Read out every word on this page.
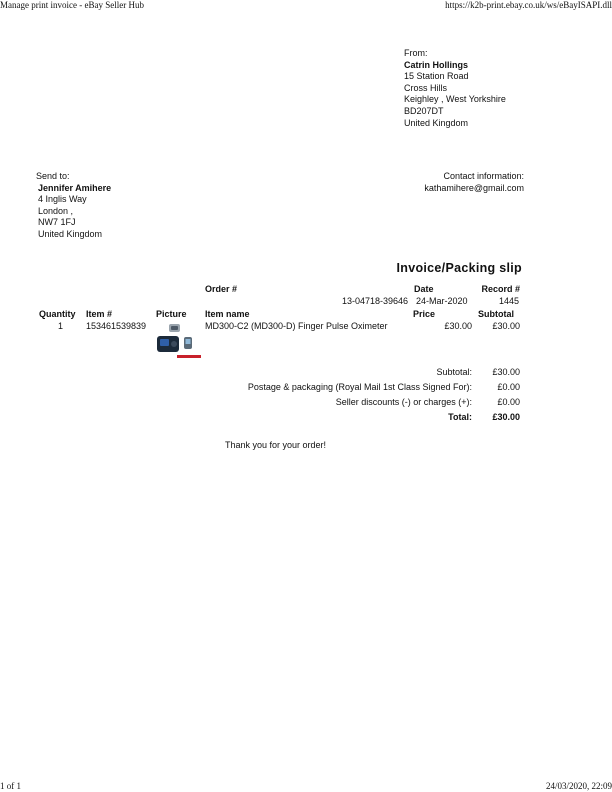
Manage print invoice - eBay Seller Hub	https://k2b-print.ebay.co.uk/ws/eBayISAPI.dll
From:
Catrin Hollings
15 Station Road
Cross Hills
Keighley , West Yorkshire
BD207DT
United Kingdom
Send to:
Jennifer Amihere
4 Inglis Way
London ,
NW7 1FJ
United Kingdom
Contact information:
kathamihere@gmail.com
Invoice/Packing slip
Order #	Date	Record #
13-04718-39646 24-Mar-2020	1445
Quantity Item #	Picture Item name	Price	Subtotal
1	153461539839	MD300-C2 (MD300-D) Finger Pulse Oximeter	£30.00	£30.00
Subtotal:	£30.00
Postage & packaging (Royal Mail 1st Class Signed For):	£0.00
Seller discounts (-) or charges (+):	£0.00
Total:	£30.00
Thank you for your order!
1 of 1	24/03/2020, 22:09
